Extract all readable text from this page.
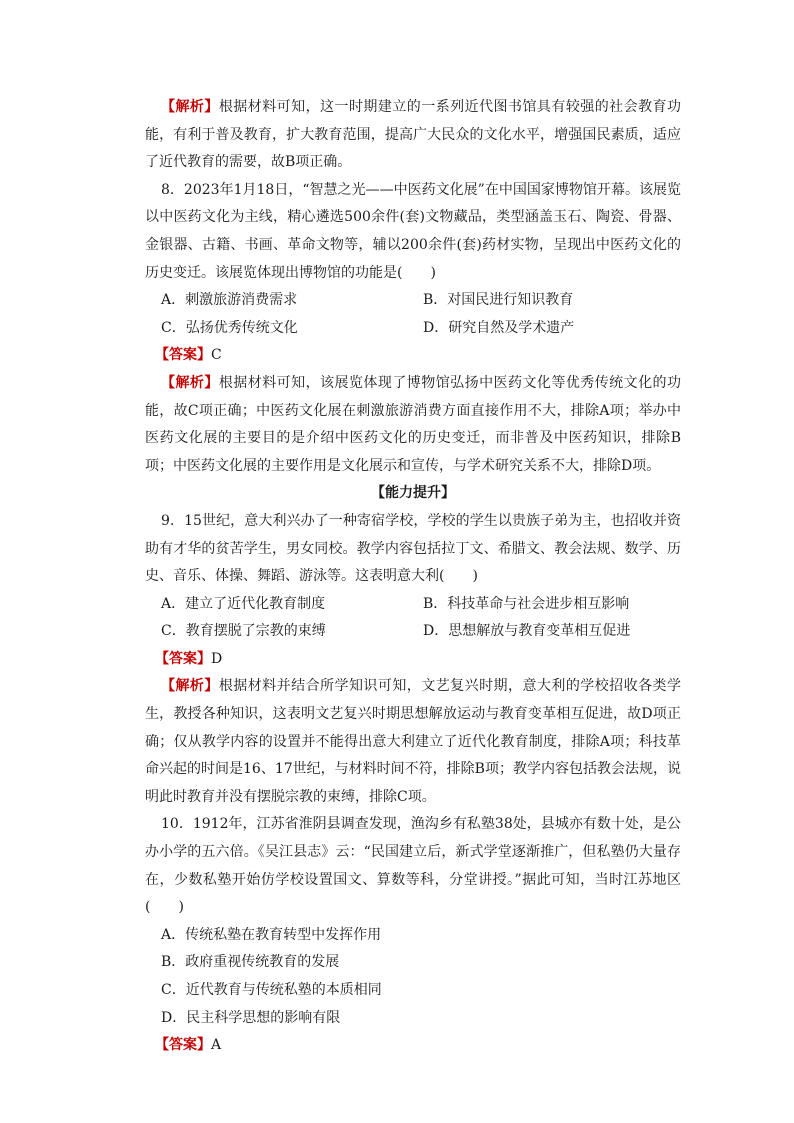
【解析】根据材料可知，这一时期建立的一系列近代图书馆具有较强的社会教育功能，有利于普及教育，扩大教育范围，提高广大民众的文化水平，增强国民素质，适应了近代教育的需要，故B项正确。

8．2023年1月18日，“智慧之光——中医药文化展”在中国国家博物馆开幕。该展览以中医药文化为主线，精心遴选500余件(套)文物藏品，类型涵盖玉石、陶瓷、骨器、金银器、古籍、书画、革命文物等，辅以200余件(套)药材实物，呈现出中医药文化的历史变迁。该展览体现出博物馆的功能是(　　)

A．刺激旅游消费需求	B．对国民进行知识教育
C．弘扬优秀传统文化	D．研究自然及学术遗产
【答案】C

【解析】根据材料可知，该展览体现了博物馆弘扬中医药文化等优秀传统文化的功能，故C项正确；中医药文化展在刺激旅游消费方面直接作用不大，排除A项；举办中医药文化展的主要目的是介绍中医药文化的历史变迁，而非普及中医药知识，排除B项；中医药文化展的主要作用是文化展示和宣传，与学术研究关系不大，排除D项。

【能力提升】

9．15世纪，意大利兴办了一种寄宿学校，学校的学生以贵族子弟为主，也招收并资助有才华的贫苦学生，男女同校。教学内容包括拉丁文、希腊文、教会法规、数学、历史、音乐、体操、舞蹈、游泳等。这表明意大利(　　)

A．建立了近代化教育制度	B．科技革命与社会进步相互影响
C．教育摆脱了宗教的束缚	D．思想解放与教育变革相互促进
【答案】D

【解析】根据材料并结合所学知识可知，文艺复兴时期，意大利的学校招收各类学生，教授各种知识，这表明文艺复兴时期思想解放运动与教育变革相互促进，故D项正确；仅从教学内容的设置并不能得出意大利建立了近代化教育制度，排除A项；科技革命兴起的时间是16、17世纪，与材料时间不符，排除B项；教学内容包括教会法规，说明此时教育并没有摆脱宗教的束缚，排除C项。

10．1912年，江苏省淮阴县调查发现，渔沟乡有私塾38处，县城亦有数十处，是公办小学的五六倍。《吴江县志》云：“民国建立后，新式学堂逐渐推广，但私塾仍大量存在，少数私塾开始仿学校设置国文、算数等科，分堂讲授。”据此可知，当时江苏地区(　　)

A．传统私塾在教育转型中发挥作用
B．政府重视传统教育的发展
C．近代教育与传统私塾的本质相同
D．民主科学思想的影响有限
【答案】A
